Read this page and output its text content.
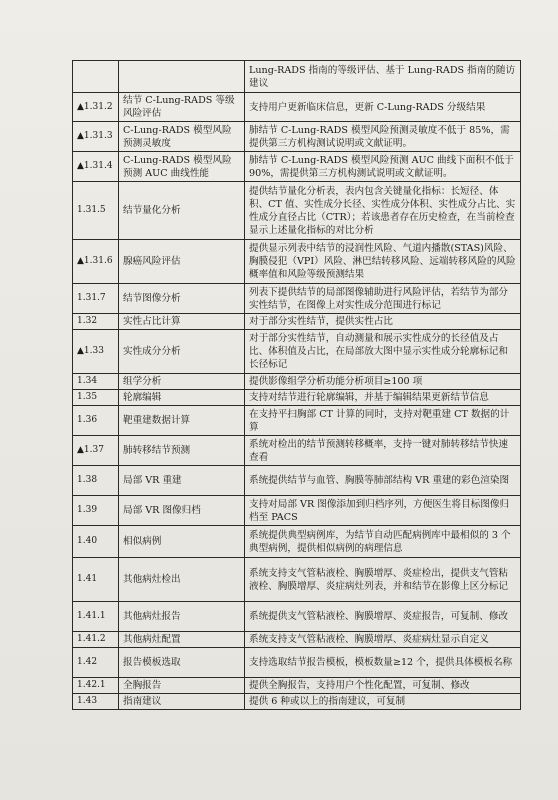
		Lung-RADS 指南的等级评估、基于 Lung-RADS 指南的随访建议
▲1.31.2	结节 C-Lung-RADS 等级风险评估	支持用户更新临床信息，更新 C-Lung-RADS 分级结果
▲1.31.3	C-Lung-RADS 模型风险预测灵敏度	肺结节 C-Lung-RADS 模型风险预测灵敏度不低于 85%，需提供第三方机构测试说明或文献证明。
▲1.31.4	C-Lung-RADS 模型风险预测 AUC 曲线性能	肺结节 C-Lung-RADS 模型风险预测 AUC 曲线下面积不低于 90%，需提供第三方机构测试说明或文献证明。
1.31.5	结节量化分析	提供结节量化分析表，表内包含关键量化指标：长短径、体积、CT 值、实性成分长径、实性成分体积、实性成分占比、实性成分直径占比（CTR）；若该患者存在历史检查，在当前检查显示上述量化指标的对比分析
▲1.31.6	腺癌风险评估	提供显示列表中结节的浸润性风险、气道内播散(STAS)风险、胸膜侵犯（VPI）风险、淋巴结转移风险、远端转移风险的风险概率值和风险等级预测结果
1.31.7	结节图像分析	列表下提供结节的局部图像辅助进行风险评估，若结节为部分实性结节，在图像上对实性成分范围进行标记
1.32	实性占比计算	对于部分实性结节，提供实性占比
▲1.33	实性成分分析	对于部分实性结节，自动测量和展示实性成分的长径值及占比、体积值及占比，在局部放大图中显示实性成分轮廓标记和长径标记
1.34	组学分析	提供影像组学分析功能分析项目≥100 项
1.35	轮廓编辑	支持对结节进行轮廓编辑，并基于编辑结果更新结节信息
1.36	靶重建数据计算	在支持平扫胸部 CT 计算的同时，支持对靶重建 CT 数据的计算
▲1.37	肺转移结节预测	系统对检出的结节预测转移概率，支持一键对肺转移结节快速查看
1.38	局部 VR 重建	系统提供结节与血管、胸膜等肺部结构 VR 重建的彩色渲染图
1.39	局部 VR 图像归档	支持对局部 VR 图像添加到归档序列，方便医生将目标图像归档至 PACS
1.40	相似病例	系统提供典型病例库，为结节自动匹配病例库中最相似的 3 个典型病例，提供相似病例的病理信息
1.41	其他病灶检出	系统支持支气管粘液栓、胸膜增厚、炎症检出，提供支气管粘液栓、胸膜增厚、炎症病灶列表，并和结节在影像上区分标记
1.41.1	其他病灶报告	系统提供支气管粘液栓、胸膜增厚、炎症报告，可复制、修改
1.41.2	其他病灶配置	系统支持支气管粘液栓、胸膜增厚、炎症病灶显示自定义
1.42	报告模板选取	支持选取结节报告模板，模板数量≥12 个，提供具体模板名称
1.42.1	全胸报告	提供全胸报告，支持用户个性化配置，可复制、修改
1.43	指南建议	提供 6 种或以上的指南建议，可复制
